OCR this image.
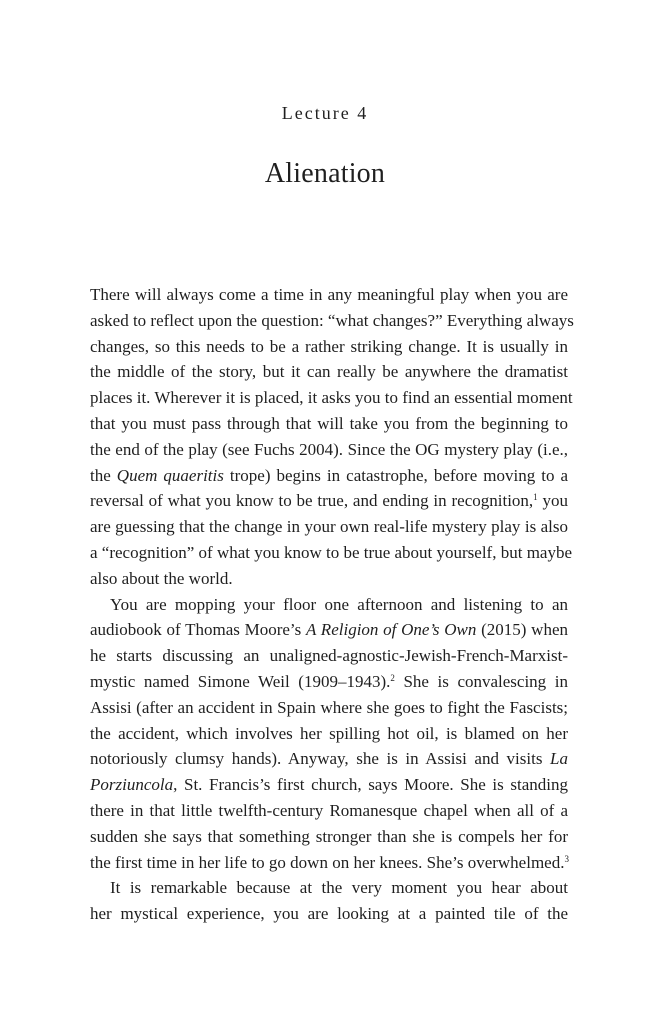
Lecture 4
Alienation
There will always come a time in any meaningful play when you are
asked to reflect upon the question: “what changes?” Everything always
changes, so this needs to be a rather striking change. It is usually in
the middle of the story, but it can really be anywhere the dramatist
places it. Wherever it is placed, it asks you to find an essential moment
that you must pass through that will take you from the beginning to
the end of the play (see Fuchs 2004). Since the OG mystery play (i.e.,
the Quem quaeritis trope) begins in catastrophe, before moving to a
reversal of what you know to be true, and ending in recognition,$^1$ you
are guessing that the change in your own real-life mystery play is also
a “recognition” of what you know to be true about yourself, but maybe
also about the world.
You are mopping your floor one afternoon and listening to an
audiobook of Thomas Moore’s A Religion of One’s Own (2015) when
he starts discussing an unaligned-agnostic-Jewish-French-Marxist-
mystic named Simone Weil (1909–1943).$^2$ She is convalescing in
Assisi (after an accident in Spain where she goes to fight the Fascists;
the accident, which involves her spilling hot oil, is blamed on her
notoriously clumsy hands). Anyway, she is in Assisi and visits La
Porziuncola, St. Francis’s first church, says Moore. She is standing
there in that little twelfth-century Romanesque chapel when all of a
sudden she says that something stronger than she is compels her for
the first time in her life to go down on her knees. She’s overwhelmed.$^3$
It is remarkable because at the very moment you hear about
her mystical experience, you are looking at a painted tile of the
